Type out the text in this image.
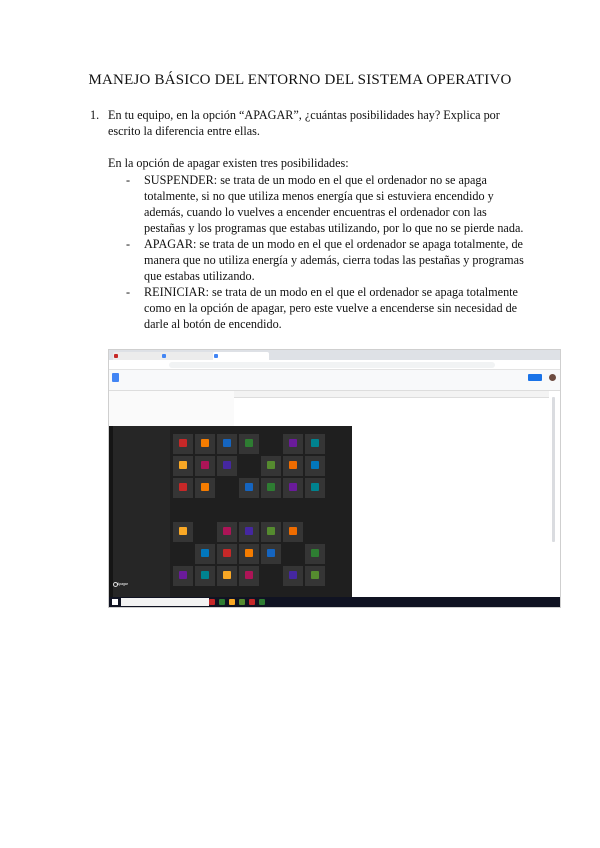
MANEJO BÁSICO DEL ENTORNO DEL SISTEMA OPERATIVO
1. En tu equipo, en la opción “APAGAR”, ¿cuántas posibilidades hay? Explica por escrito la diferencia entre ellas.
En la opción de apagar existen tres posibilidades:

- SUSPENDER: se trata de un modo en el que el ordenador no se apaga totalmente, si no que utiliza menos energía que si estuviera encendido y además, cuando lo vuelves a encender encuentras el ordenador con las pestañas y los programas que estabas utilizando, por lo que no se pierde nada.

- APAGAR: se trata de un modo en el que el ordenador se apaga totalmente, de manera que no utiliza energía y además, cierra todas las pestañas y programas que estabas utilizando.

- REINICIAR: se trata de un modo en el que el ordenador se apaga totalmente como en la opción de apagar, pero este vuelve a encenderse sin necesidad de darle al botón de encendido.

Apagar
